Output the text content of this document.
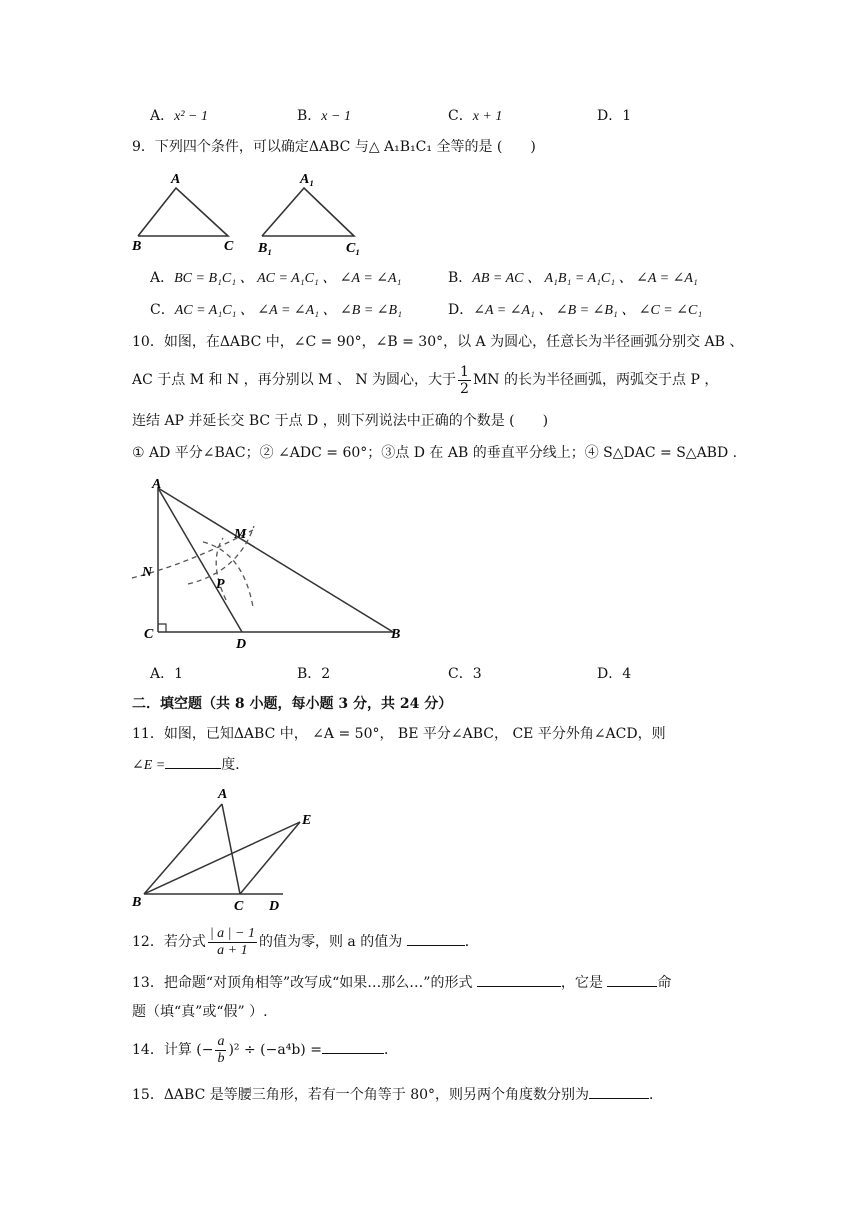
A．x² − 1	B．x − 1	C．x + 1	D．1
9．下列四个条件，可以确定ΔABC 与△ A₁B₁C₁ 全等的是 (　　)
A
B	C
A₁
B₁	C₁
A．BC = B₁C₁ 、 AC = A₁C₁ 、 ∠A = ∠A₁	B．AB = AC 、 A₁B₁ = A₁C₁ 、 ∠A = ∠A₁
C．AC = A₁C₁ 、 ∠A = ∠A₁ 、 ∠B = ∠B₁	D．∠A = ∠A₁ 、 ∠B = ∠B₁ 、 ∠C = ∠C₁
10．如图，在ΔABC 中，∠C = 90°，∠B = 30°，以 A 为圆心，任意长为半径画弧分别交 AB 、
AC 于点 M 和 N ，再分别以 M 、 N 为圆心，大于 $\frac{1}{2}$ MN 的长为半径画弧，两弧交于点 P ，
连结 AP 并延长交 BC 于点 D ，则下列说法中正确的个数是 (　　)
① AD 平分∠BAC；② ∠ADC = 60°；③点 D 在 AB 的垂直平分线上；④ S△DAC = S△ABD .
A
M
N
P
C
D
B
A．1	B．2	C．3	D．4
二．填空题（共 8 小题，每小题 3 分，共 24 分）
11．如图，已知ΔABC 中， ∠A = 50°， BE 平分∠ABC， CE 平分外角∠ACD，则
∠E =	度．
A
B	C D
E
12．若分式 $\frac{| a | - 1}{a + 1}$ 的值为零，则 a 的值为	．
13．把命题“对顶角相等”改写成“如果…那么…”的形式	，它是	命
题（填“真”或“假” ）.
14．计算 (− $\frac{a}{b} )^2 \div (-a^4b)$ =	．
15．ΔABC 是等腰三角形，若有一个角等于 80°，则另两个角度数分别为	．
